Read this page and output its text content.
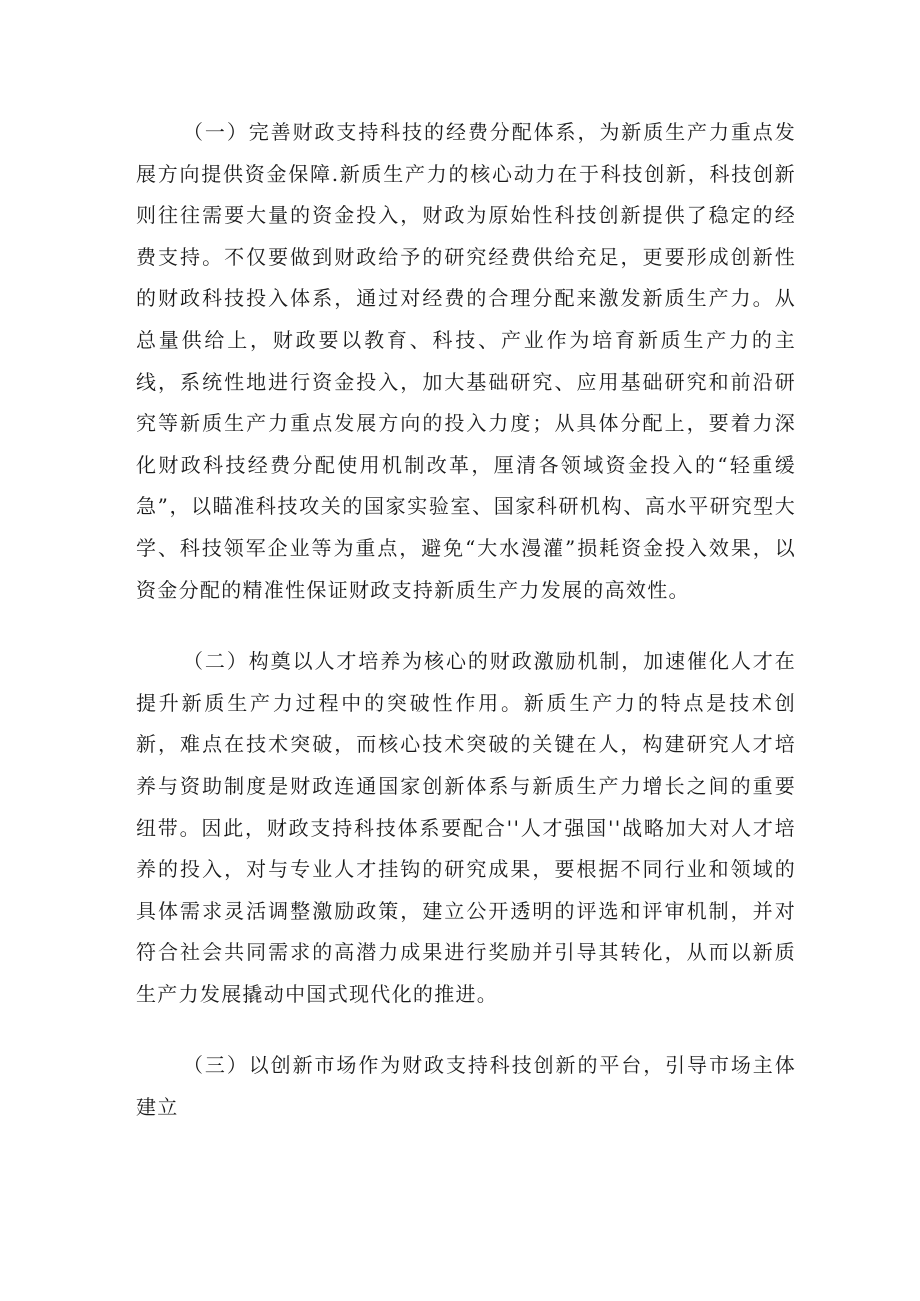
（一）完善财政支持科技的经费分配体系，为新质生产力重点发展方向提供资金保障.新质生产力的核心动力在于科技创新，科技创新则往往需要大量的资金投入，财政为原始性科技创新提供了稳定的经费支持。不仅要做到财政给予的研究经费供给充足，更要形成创新性的财政科技投入体系，通过对经费的合理分配来激发新质生产力。从总量供给上，财政要以教育、科技、产业作为培育新质生产力的主线，系统性地进行资金投入，加大基础研究、应用基础研究和前沿研究等新质生产力重点发展方向的投入力度；从具体分配上，要着力深化财政科技经费分配使用机制改革，厘清各领域资金投入的“轻重缓急”，以瞄准科技攻关的国家实验室、国家科研机构、高水平研究型大学、科技领军企业等为重点，避免“大水漫灌”损耗资金投入效果，以资金分配的精准性保证财政支持新质生产力发展的高效性。

（二）构奠以人才培养为核心的财政激励机制，加速催化人才在提升新质生产力过程中的突破性作用。新质生产力的特点是技术创新，难点在技术突破，而核心技术突破的关键在人，构建研究人才培养与资助制度是财政连通国家创新体系与新质生产力增长之间的重要纽带。因此，财政支持科技体系要配合''人才强国''战略加大对人才培养的投入，对与专业人才挂钩的研究成果，要根据不同行业和领域的具体需求灵活调整激励政策，建立公开透明的评选和评审机制，并对符合社会共同需求的高潜力成果进行奖励并引导其转化，从而以新质生产力发展撬动中国式现代化的推进。

（三）以创新市场作为财政支持科技创新的平台，引导市场主体建立
